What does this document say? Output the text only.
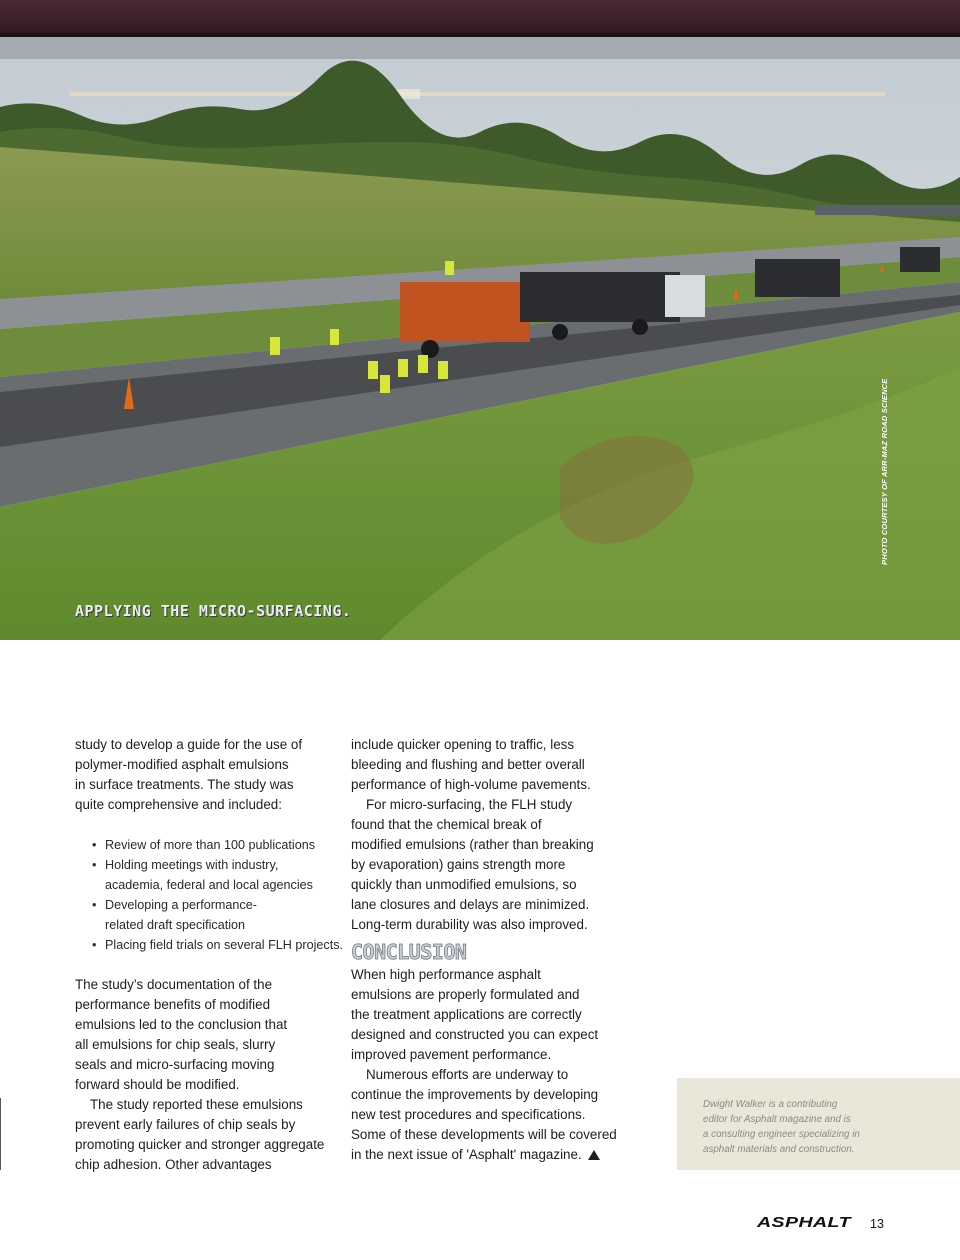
PHOTO COURTESY OF ARR-MAZ ROAD SCIENCE
APPLYING THE MICRO-SURFACING.

study to develop a guide for the use of
polymer-modified asphalt emulsions
in surface treatments. The study was
quite comprehensive and included:

• Review of more than 100 publications
• Holding meetings with industry,
academia, federal and local agencies
• Developing a performance-
related draft specification
• Placing field trials on several FLH projects.

The study’s documentation of the
performance benefits of modified
emulsions led to the conclusion that
all emulsions for chip seals, slurry
seals and micro-surfacing moving
forward should be modified.

The study reported these emulsions
prevent early failures of chip seals by
promoting quicker and stronger aggregate
chip adhesion. Other advantages

include quicker opening to traffic, less
bleeding and flushing and better overall
performance of high-volume pavements.

For micro-surfacing, the FLH study
found that the chemical break of
modified emulsions (rather than breaking
by evaporation) gains strength more
quickly than unmodified emulsions, so
lane closures and delays are minimized.
Long-term durability was also improved.

CONCLUSION

When high performance asphalt
emulsions are properly formulated and
the treatment applications are correctly
designed and constructed you can expect
improved pavement performance.

Numerous efforts are underway to
continue the improvements by developing
new test procedures and specifications.
Some of these developments will be covered
in the next issue of 'Asphalt' magazine.

Dwight Walker is a contributing
editor for Asphalt magazine and is
a consulting engineer specializing in
asphalt materials and construction.
ASPHALT 13
